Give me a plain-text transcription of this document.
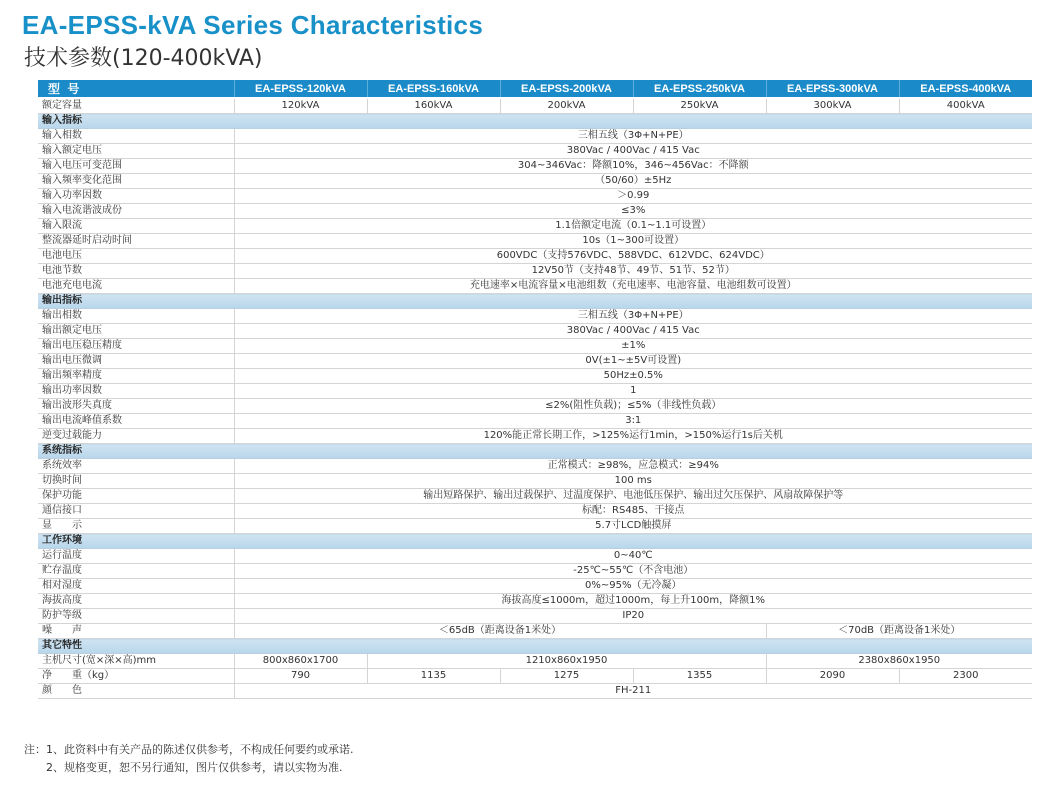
EA-EPSS-kVA Series Characteristics
技术参数(120-400kVA)
型 号	EA-EPSS-120kVA	EA-EPSS-160kVA	EA-EPSS-200kVA	EA-EPSS-250kVA	EA-EPSS-300kVA	EA-EPSS-400kVA
额定容量	120kVA	160kVA	200kVA	250kVA	300kVA	400kVA
输入指标						
输入相数	三相五线（3Φ+N+PE）					
输入额定电压	380Vac / 400Vac / 415 Vac					
输入电压可变范围	304~346Vac：降额10%，346~456Vac：不降额					
输入频率变化范围	（50/60）±5Hz					
输入功率因数	＞0.99					
输入电流谐波成份	≤3%					
输入限流	1.1倍额定电流（0.1~1.1可设置）					
整流器延时启动时间	10s（1~300可设置）					
电池电压	600VDC（支持576VDC、588VDC、612VDC、624VDC）					
电池节数	12V50节（支持48节、49节、51节、52节）					
电池充电电流	充电速率×电流容量×电池组数（充电速率、电池容量、电池组数可设置）					
输出指标						
输出相数	三相五线（3Φ+N+PE）					
输出额定电压	380Vac / 400Vac / 415 Vac					
输出电压稳压精度	±1%					
输出电压微调	0V(±1~±5V可设置)					
输出频率精度	50Hz±0.5%					
输出功率因数	1					
输出波形失真度	≤2%(阻性负载)；≤5%（非线性负载）					
输出电流峰值系数	3:1					
逆变过载能力	120%能正常长期工作，>125%运行1min，>150%运行1s后关机					
系统指标						
系统效率	正常模式：≥98%，应急模式：≥94%					
切换时间	100 ms					
保护功能	输出短路保护、输出过载保护、过温度保护、电池低压保护、输出过欠压保护、风扇故障保护等					
通信接口	标配：RS485、干接点					
显　　示	5.7寸LCD触摸屏					
工作环境						
运行温度	0~40℃					
贮存温度	-25℃~55℃（不含电池）					
相对湿度	0%~95%（无冷凝）					
海拔高度	海拔高度≤1000m，超过1000m，每上升100m，降额1%					
防护等级	IP20					
噪　　声	＜65dB（距离设备1米处）				＜70dB（距离设备1米处）	
其它特性						
主机尺寸(宽×深×高)mm	800x860x1700	1210x860x1950			2380x860x1950	
净　　重（kg）	790	1135	1275	1355	2090	2300
颜　　色	FH-211					
注：1、此资料中有关产品的陈述仅供参考，不构成任何要约或承诺.
2、规格变更，恕不另行通知，图片仅供参考，请以实物为准.
